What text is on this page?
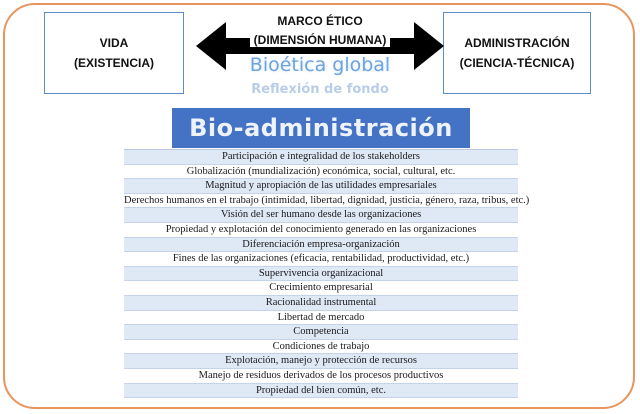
VIDA
(EXISTENCIA)
ADMINISTRACIÓN
(CIENCIA-TÉCNICA)
MARCO ÉTICO
(DIMENSIÓN HUMANA)
Bioética global
Reflexión de fondo
Bio-administración
Participación e integralidad de los stakeholders
Globalización (mundialización) económica, social, cultural, etc.
Magnitud y apropiación de las utilidades empresariales
Derechos humanos en el trabajo (intimidad, libertad, dignidad, justicia, género, raza, tribus, etc.)
Visión del ser humano desde las organizaciones
Propiedad y explotación del conocimiento generado en las organizaciones
Diferenciación empresa-organización
Fines de las organizaciones (eficacia, rentabilidad, productividad, etc.)
Supervivencia organizacional
Crecimiento empresarial
Racionalidad instrumental
Libertad de mercado
Competencia
Condiciones de trabajo
Explotación, manejo y protección de recursos
Manejo de residuos derivados de los procesos productivos
Propiedad del bien común, etc.
